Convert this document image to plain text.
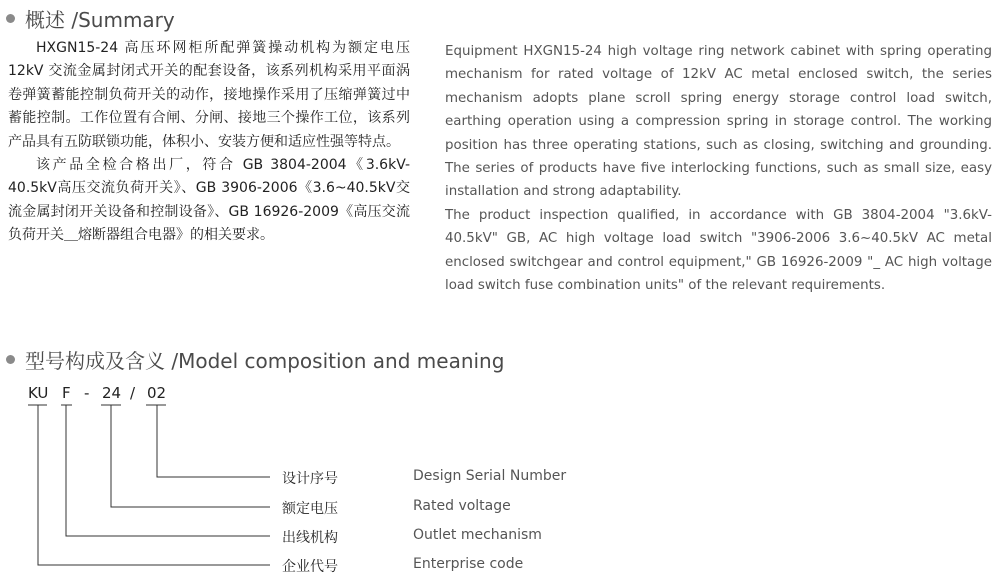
概述 /Summary

HXGN15-24 高压环网柜所配弹簧操动机构为额定电压 12kV 交流金属封闭式开关的配套设备，该系列机构采用平面涡卷弹簧蓄能控制负荷开关的动作，接地操作采用了压缩弹簧过中蓄能控制。工作位置有合闸、分闸、接地三个操作工位，该系列产品具有五防联锁功能，体积小、安装方便和适应性强等特点。

该产品全检合格出厂，符合 GB 3804-2004《3.6kV-40.5kV高压交流负荷开关》、GB 3906-2006《3.6~40.5kV交流金属封闭开关设备和控制设备》、GB 16926-2009《高压交流负荷开关＿熔断器组合电器》的相关要求。

Equipment HXGN15-24 high voltage ring network cabinet with spring operating mechanism for rated voltage of 12kV AC metal enclosed switch, the series mechanism adopts plane scroll spring energy storage control load switch, earthing operation using a compression spring in storage control. The working position has three operating stations, such as closing, switching and grounding. The series of products have five interlocking functions, such as small size, easy installation and strong adaptability.

The product inspection qualified, in accordance with GB 3804-2004 "3.6kV-40.5kV" GB, AC high voltage load switch "3906-2006 3.6~40.5kV AC metal enclosed switchgear and control equipment," GB 16926-2009 "_ AC high voltage load switch fuse combination units" of the relevant requirements.

型号构成及含义 /Model composition and meaning
KU F - 24 / 02
设计序号	Design Serial Number
额定电压	Rated voltage
出线机构	Outlet mechanism
企业代号	Enterprise code
